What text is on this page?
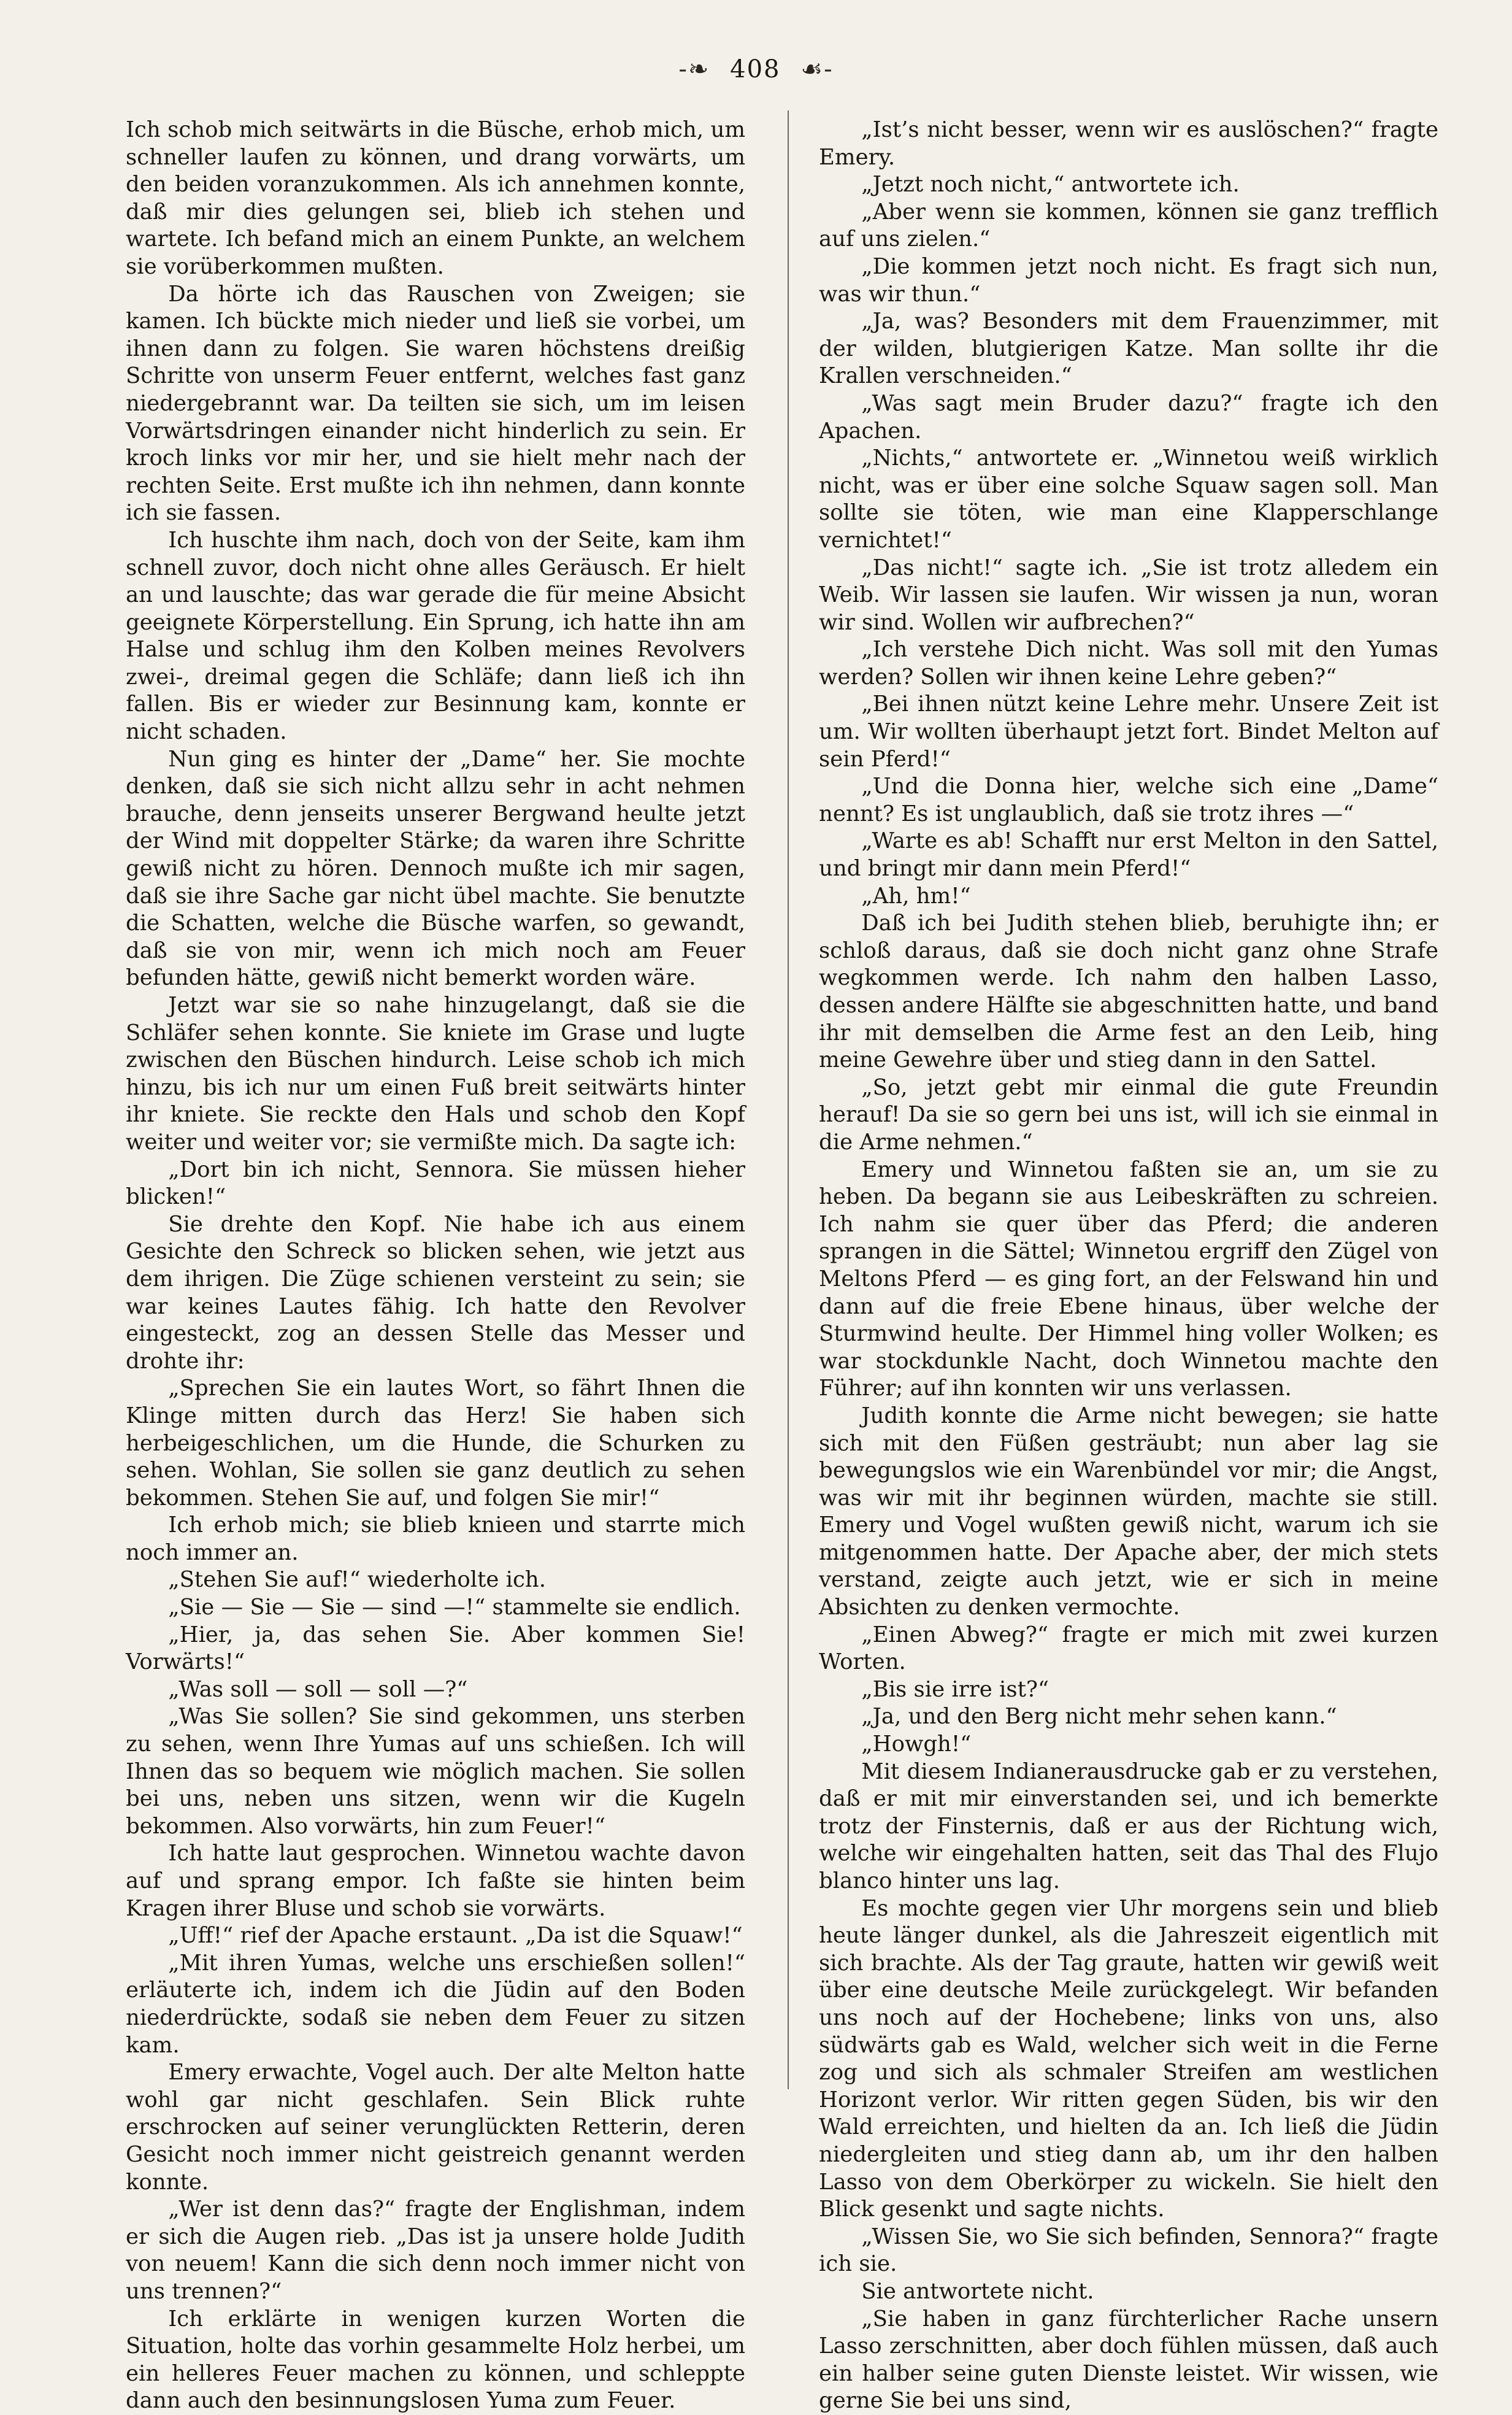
-❧ 408 ☙-

Ich schob mich seitwärts in die Büsche, erhob mich, um schneller laufen zu können, und drang vorwärts, um den beiden voranzukommen. Als ich annehmen konnte, daß mir dies gelungen sei, blieb ich stehen und wartete. Ich befand mich an einem Punkte, an welchem sie vorüberkommen mußten.

Da hörte ich das Rauschen von Zweigen; sie kamen. Ich bückte mich nieder und ließ sie vorbei, um ihnen dann zu folgen. Sie waren höchstens dreißig Schritte von unserm Feuer entfernt, welches fast ganz niedergebrannt war. Da teilten sie sich, um im leisen Vorwärtsdringen einander nicht hinderlich zu sein. Er kroch links vor mir her, und sie hielt mehr nach der rechten Seite. Erst mußte ich ihn nehmen, dann konnte ich sie fassen.

Ich huschte ihm nach, doch von der Seite, kam ihm schnell zuvor, doch nicht ohne alles Geräusch. Er hielt an und lauschte; das war gerade die für meine Absicht geeignete Körperstellung. Ein Sprung, ich hatte ihn am Halse und schlug ihm den Kolben meines Revolvers zwei-, dreimal gegen die Schläfe; dann ließ ich ihn fallen. Bis er wieder zur Besinnung kam, konnte er nicht schaden.

Nun ging es hinter der „Dame“ her. Sie mochte denken, daß sie sich nicht allzu sehr in acht nehmen brauche, denn jenseits unserer Bergwand heulte jetzt der Wind mit doppelter Stärke; da waren ihre Schritte gewiß nicht zu hören. Dennoch mußte ich mir sagen, daß sie ihre Sache gar nicht übel machte. Sie benutzte die Schatten, welche die Büsche warfen, so gewandt, daß sie von mir, wenn ich mich noch am Feuer befunden hätte, gewiß nicht bemerkt worden wäre.

Jetzt war sie so nahe hinzugelangt, daß sie die Schläfer sehen konnte. Sie kniete im Grase und lugte zwischen den Büschen hindurch. Leise schob ich mich hinzu, bis ich nur um einen Fuß breit seitwärts hinter ihr kniete. Sie reckte den Hals und schob den Kopf weiter und weiter vor; sie vermißte mich. Da sagte ich:

„Dort bin ich nicht, Sennora. Sie müssen hieher blicken!“

Sie drehte den Kopf. Nie habe ich aus einem Gesichte den Schreck so blicken sehen, wie jetzt aus dem ihrigen. Die Züge schienen versteint zu sein; sie war keines Lautes fähig. Ich hatte den Revolver eingesteckt, zog an dessen Stelle das Messer und drohte ihr:

„Sprechen Sie ein lautes Wort, so fährt Ihnen die Klinge mitten durch das Herz! Sie haben sich herbeigeschlichen, um die Hunde, die Schurken zu sehen. Wohlan, Sie sollen sie ganz deutlich zu sehen bekommen. Stehen Sie auf, und folgen Sie mir!“

Ich erhob mich; sie blieb knieen und starrte mich noch immer an.

„Stehen Sie auf!“ wiederholte ich.

„Sie — Sie — Sie — sind —!“ stammelte sie endlich.

„Hier, ja, das sehen Sie. Aber kommen Sie! Vorwärts!“

„Was soll — soll — soll —?“

„Was Sie sollen? Sie sind gekommen, uns sterben zu sehen, wenn Ihre Yumas auf uns schießen. Ich will Ihnen das so bequem wie möglich machen. Sie sollen bei uns, neben uns sitzen, wenn wir die Kugeln bekommen. Also vorwärts, hin zum Feuer!“

Ich hatte laut gesprochen. Winnetou wachte davon auf und sprang empor. Ich faßte sie hinten beim Kragen ihrer Bluse und schob sie vorwärts.

„Uff!“ rief der Apache erstaunt. „Da ist die Squaw!“

„Mit ihren Yumas, welche uns erschießen sollen!“ erläuterte ich, indem ich die Jüdin auf den Boden niederdrückte, sodaß sie neben dem Feuer zu sitzen kam.

Emery erwachte, Vogel auch. Der alte Melton hatte wohl gar nicht geschlafen. Sein Blick ruhte erschrocken auf seiner verunglückten Retterin, deren Gesicht noch immer nicht geistreich genannt werden konnte.

„Wer ist denn das?“ fragte der Englishman, indem er sich die Augen rieb. „Das ist ja unsere holde Judith von neuem! Kann die sich denn noch immer nicht von uns trennen?“

Ich erklärte in wenigen kurzen Worten die Situation, holte das vorhin gesammelte Holz herbei, um ein helleres Feuer machen zu können, und schleppte dann auch den besinnungslosen Yuma zum Feuer.

„Ist’s nicht besser, wenn wir es auslöschen?“ fragte Emery.

„Jetzt noch nicht,“ antwortete ich.

„Aber wenn sie kommen, können sie ganz trefflich auf uns zielen.“

„Die kommen jetzt noch nicht. Es fragt sich nun, was wir thun.“

„Ja, was? Besonders mit dem Frauenzimmer, mit der wilden, blutgierigen Katze. Man sollte ihr die Krallen verschneiden.“

„Was sagt mein Bruder dazu?“ fragte ich den Apachen.

„Nichts,“ antwortete er. „Winnetou weiß wirklich nicht, was er über eine solche Squaw sagen soll. Man sollte sie töten, wie man eine Klapperschlange vernichtet!“

„Das nicht!“ sagte ich. „Sie ist trotz alledem ein Weib. Wir lassen sie laufen. Wir wissen ja nun, woran wir sind. Wollen wir aufbrechen?“

„Ich verstehe Dich nicht. Was soll mit den Yumas werden? Sollen wir ihnen keine Lehre geben?“

„Bei ihnen nützt keine Lehre mehr. Unsere Zeit ist um. Wir wollten überhaupt jetzt fort. Bindet Melton auf sein Pferd!“

„Und die Donna hier, welche sich eine „Dame“ nennt? Es ist unglaublich, daß sie trotz ihres —“

„Warte es ab! Schafft nur erst Melton in den Sattel, und bringt mir dann mein Pferd!“

„Ah, hm!“

Daß ich bei Judith stehen blieb, beruhigte ihn; er schloß daraus, daß sie doch nicht ganz ohne Strafe wegkommen werde. Ich nahm den halben Lasso, dessen andere Hälfte sie abgeschnitten hatte, und band ihr mit demselben die Arme fest an den Leib, hing meine Gewehre über und stieg dann in den Sattel.

„So, jetzt gebt mir einmal die gute Freundin herauf! Da sie so gern bei uns ist, will ich sie einmal in die Arme nehmen.“

Emery und Winnetou faßten sie an, um sie zu heben. Da begann sie aus Leibeskräften zu schreien. Ich nahm sie quer über das Pferd; die anderen sprangen in die Sättel; Winnetou ergriff den Zügel von Meltons Pferd — es ging fort, an der Felswand hin und dann auf die freie Ebene hinaus, über welche der Sturmwind heulte. Der Himmel hing voller Wolken; es war stockdunkle Nacht, doch Winnetou machte den Führer; auf ihn konnten wir uns verlassen.

Judith konnte die Arme nicht bewegen; sie hatte sich mit den Füßen gesträubt; nun aber lag sie bewegungslos wie ein Warenbündel vor mir; die Angst, was wir mit ihr beginnen würden, machte sie still. Emery und Vogel wußten gewiß nicht, warum ich sie mitgenommen hatte. Der Apache aber, der mich stets verstand, zeigte auch jetzt, wie er sich in meine Absichten zu denken vermochte.

„Einen Abweg?“ fragte er mich mit zwei kurzen Worten.

„Bis sie irre ist?“

„Ja, und den Berg nicht mehr sehen kann.“

„Howgh!“

Mit diesem Indianerausdrucke gab er zu verstehen, daß er mit mir einverstanden sei, und ich bemerkte trotz der Finsternis, daß er aus der Richtung wich, welche wir eingehalten hatten, seit das Thal des Flujo blanco hinter uns lag.

Es mochte gegen vier Uhr morgens sein und blieb heute länger dunkel, als die Jahreszeit eigentlich mit sich brachte. Als der Tag graute, hatten wir gewiß weit über eine deutsche Meile zurückgelegt. Wir befanden uns noch auf der Hochebene; links von uns, also südwärts gab es Wald, welcher sich weit in die Ferne zog und sich als schmaler Streifen am westlichen Horizont verlor. Wir ritten gegen Süden, bis wir den Wald erreichten, und hielten da an. Ich ließ die Jüdin niedergleiten und stieg dann ab, um ihr den halben Lasso von dem Oberkörper zu wickeln. Sie hielt den Blick gesenkt und sagte nichts.

„Wissen Sie, wo Sie sich befinden, Sennora?“ fragte ich sie.

Sie antwortete nicht.

„Sie haben in ganz fürchterlicher Rache unsern Lasso zerschnitten, aber doch fühlen müssen, daß auch ein halber seine guten Dienste leistet. Wir wissen, wie gerne Sie bei uns sind,
